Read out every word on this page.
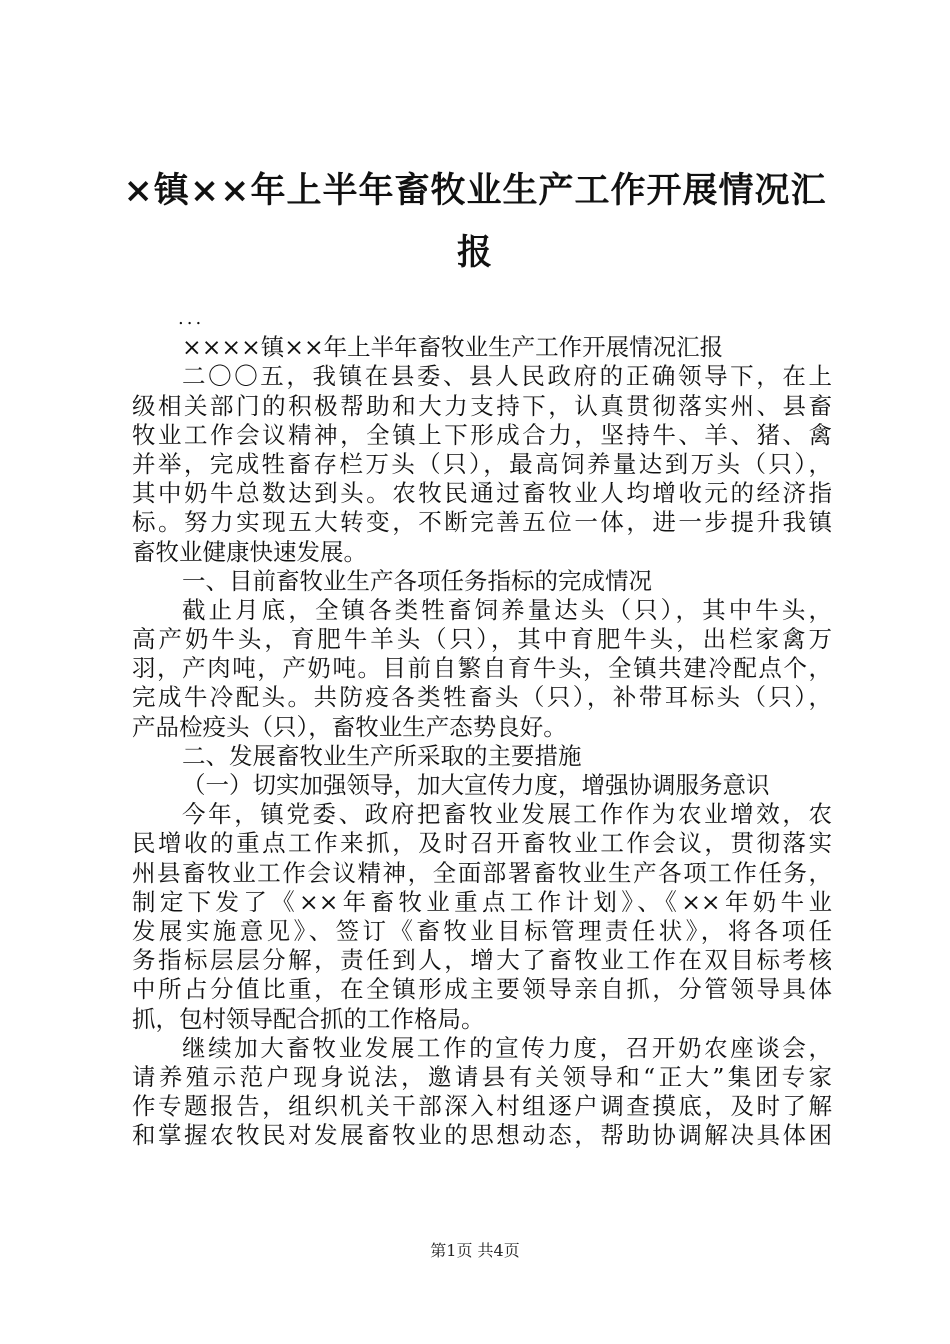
×镇××年上半年畜牧业生产工作开展情况汇报
...
××××镇××年上半年畜牧业生产工作开展情况汇报
二〇〇五，我镇在县委、县人民政府的正确领导下，在上
级相关部门的积极帮助和大力支持下，认真贯彻落实州、县畜
牧业工作会议精神，全镇上下形成合力，坚持牛、羊、猪、禽
并举，完成牲畜存栏万头（只），最高饲养量达到万头（只），
其中奶牛总数达到头。农牧民通过畜牧业人均增收元的经济指
标。努力实现五大转变，不断完善五位一体，进一步提升我镇
畜牧业健康快速发展。
一、目前畜牧业生产各项任务指标的完成情况
截止月底，全镇各类牲畜饲养量达头（只），其中牛头，
高产奶牛头，育肥牛羊头（只），其中育肥牛头，出栏家禽万
羽，产肉吨，产奶吨。目前自繁自育牛头，全镇共建冷配点个，
完成牛冷配头。共防疫各类牲畜头（只），补带耳标头（只），
产品检疫头（只），畜牧业生产态势良好。
二、发展畜牧业生产所采取的主要措施
（一）切实加强领导，加大宣传力度，增强协调服务意识
今年，镇党委、政府把畜牧业发展工作作为农业增效，农
民增收的重点工作来抓，及时召开畜牧业工作会议，贯彻落实
州县畜牧业工作会议精神，全面部署畜牧业生产各项工作任务，
制定下发了《××年畜牧业重点工作计划》、《××年奶牛业
发展实施意见》、签订《畜牧业目标管理责任状》，将各项任
务指标层层分解，责任到人，增大了畜牧业工作在双目标考核
中所占分值比重，在全镇形成主要领导亲自抓，分管领导具体
抓，包村领导配合抓的工作格局。
继续加大畜牧业发展工作的宣传力度，召开奶农座谈会，
请养殖示范户现身说法，邀请县有关领导和“正大”集团专家
作专题报告，组织机关干部深入村组逐户调查摸底，及时了解
和掌握农牧民对发展畜牧业的思想动态，帮助协调解决具体困
第1页 共4页
